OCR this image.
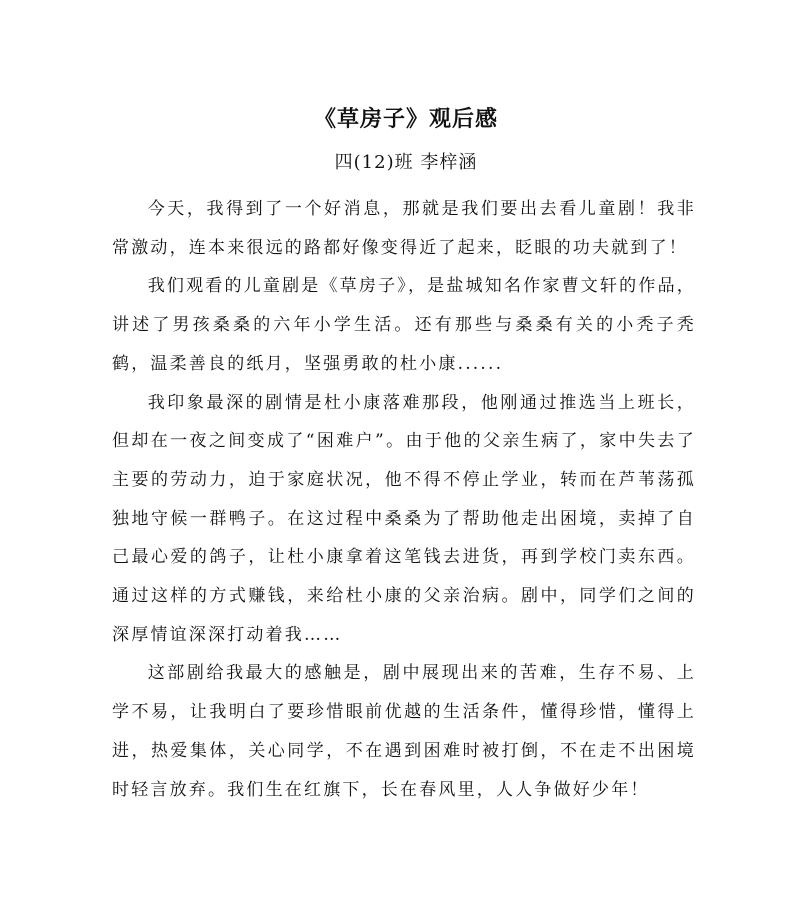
《草房子》观后感
四(12)班 李梓涵

今天，我得到了一个好消息，那就是我们要出去看儿童剧！我非常激动，连本来很远的路都好像变得近了起来，眨眼的功夫就到了！

我们观看的儿童剧是《草房子》，是盐城知名作家曹文轩的作品，讲述了男孩桑桑的六年小学生活。还有那些与桑桑有关的小秃子秃鹤，温柔善良的纸月，坚强勇敢的杜小康......

我印象最深的剧情是杜小康落难那段，他刚通过推选当上班长，但却在一夜之间变成了“困难户”。由于他的父亲生病了，家中失去了主要的劳动力，迫于家庭状况，他不得不停止学业，转而在芦苇荡孤独地守候一群鸭子。在这过程中桑桑为了帮助他走出困境，卖掉了自己最心爱的鸽子，让杜小康拿着这笔钱去进货，再到学校门卖东西。通过这样的方式赚钱，来给杜小康的父亲治病。剧中，同学们之间的深厚情谊深深打动着我……

这部剧给我最大的感触是，剧中展现出来的苦难，生存不易、上学不易，让我明白了要珍惜眼前优越的生活条件，懂得珍惜，懂得上进，热爱集体，关心同学，不在遇到困难时被打倒，不在走不出困境时轻言放弃。我们生在红旗下，长在春风里，人人争做好少年！
